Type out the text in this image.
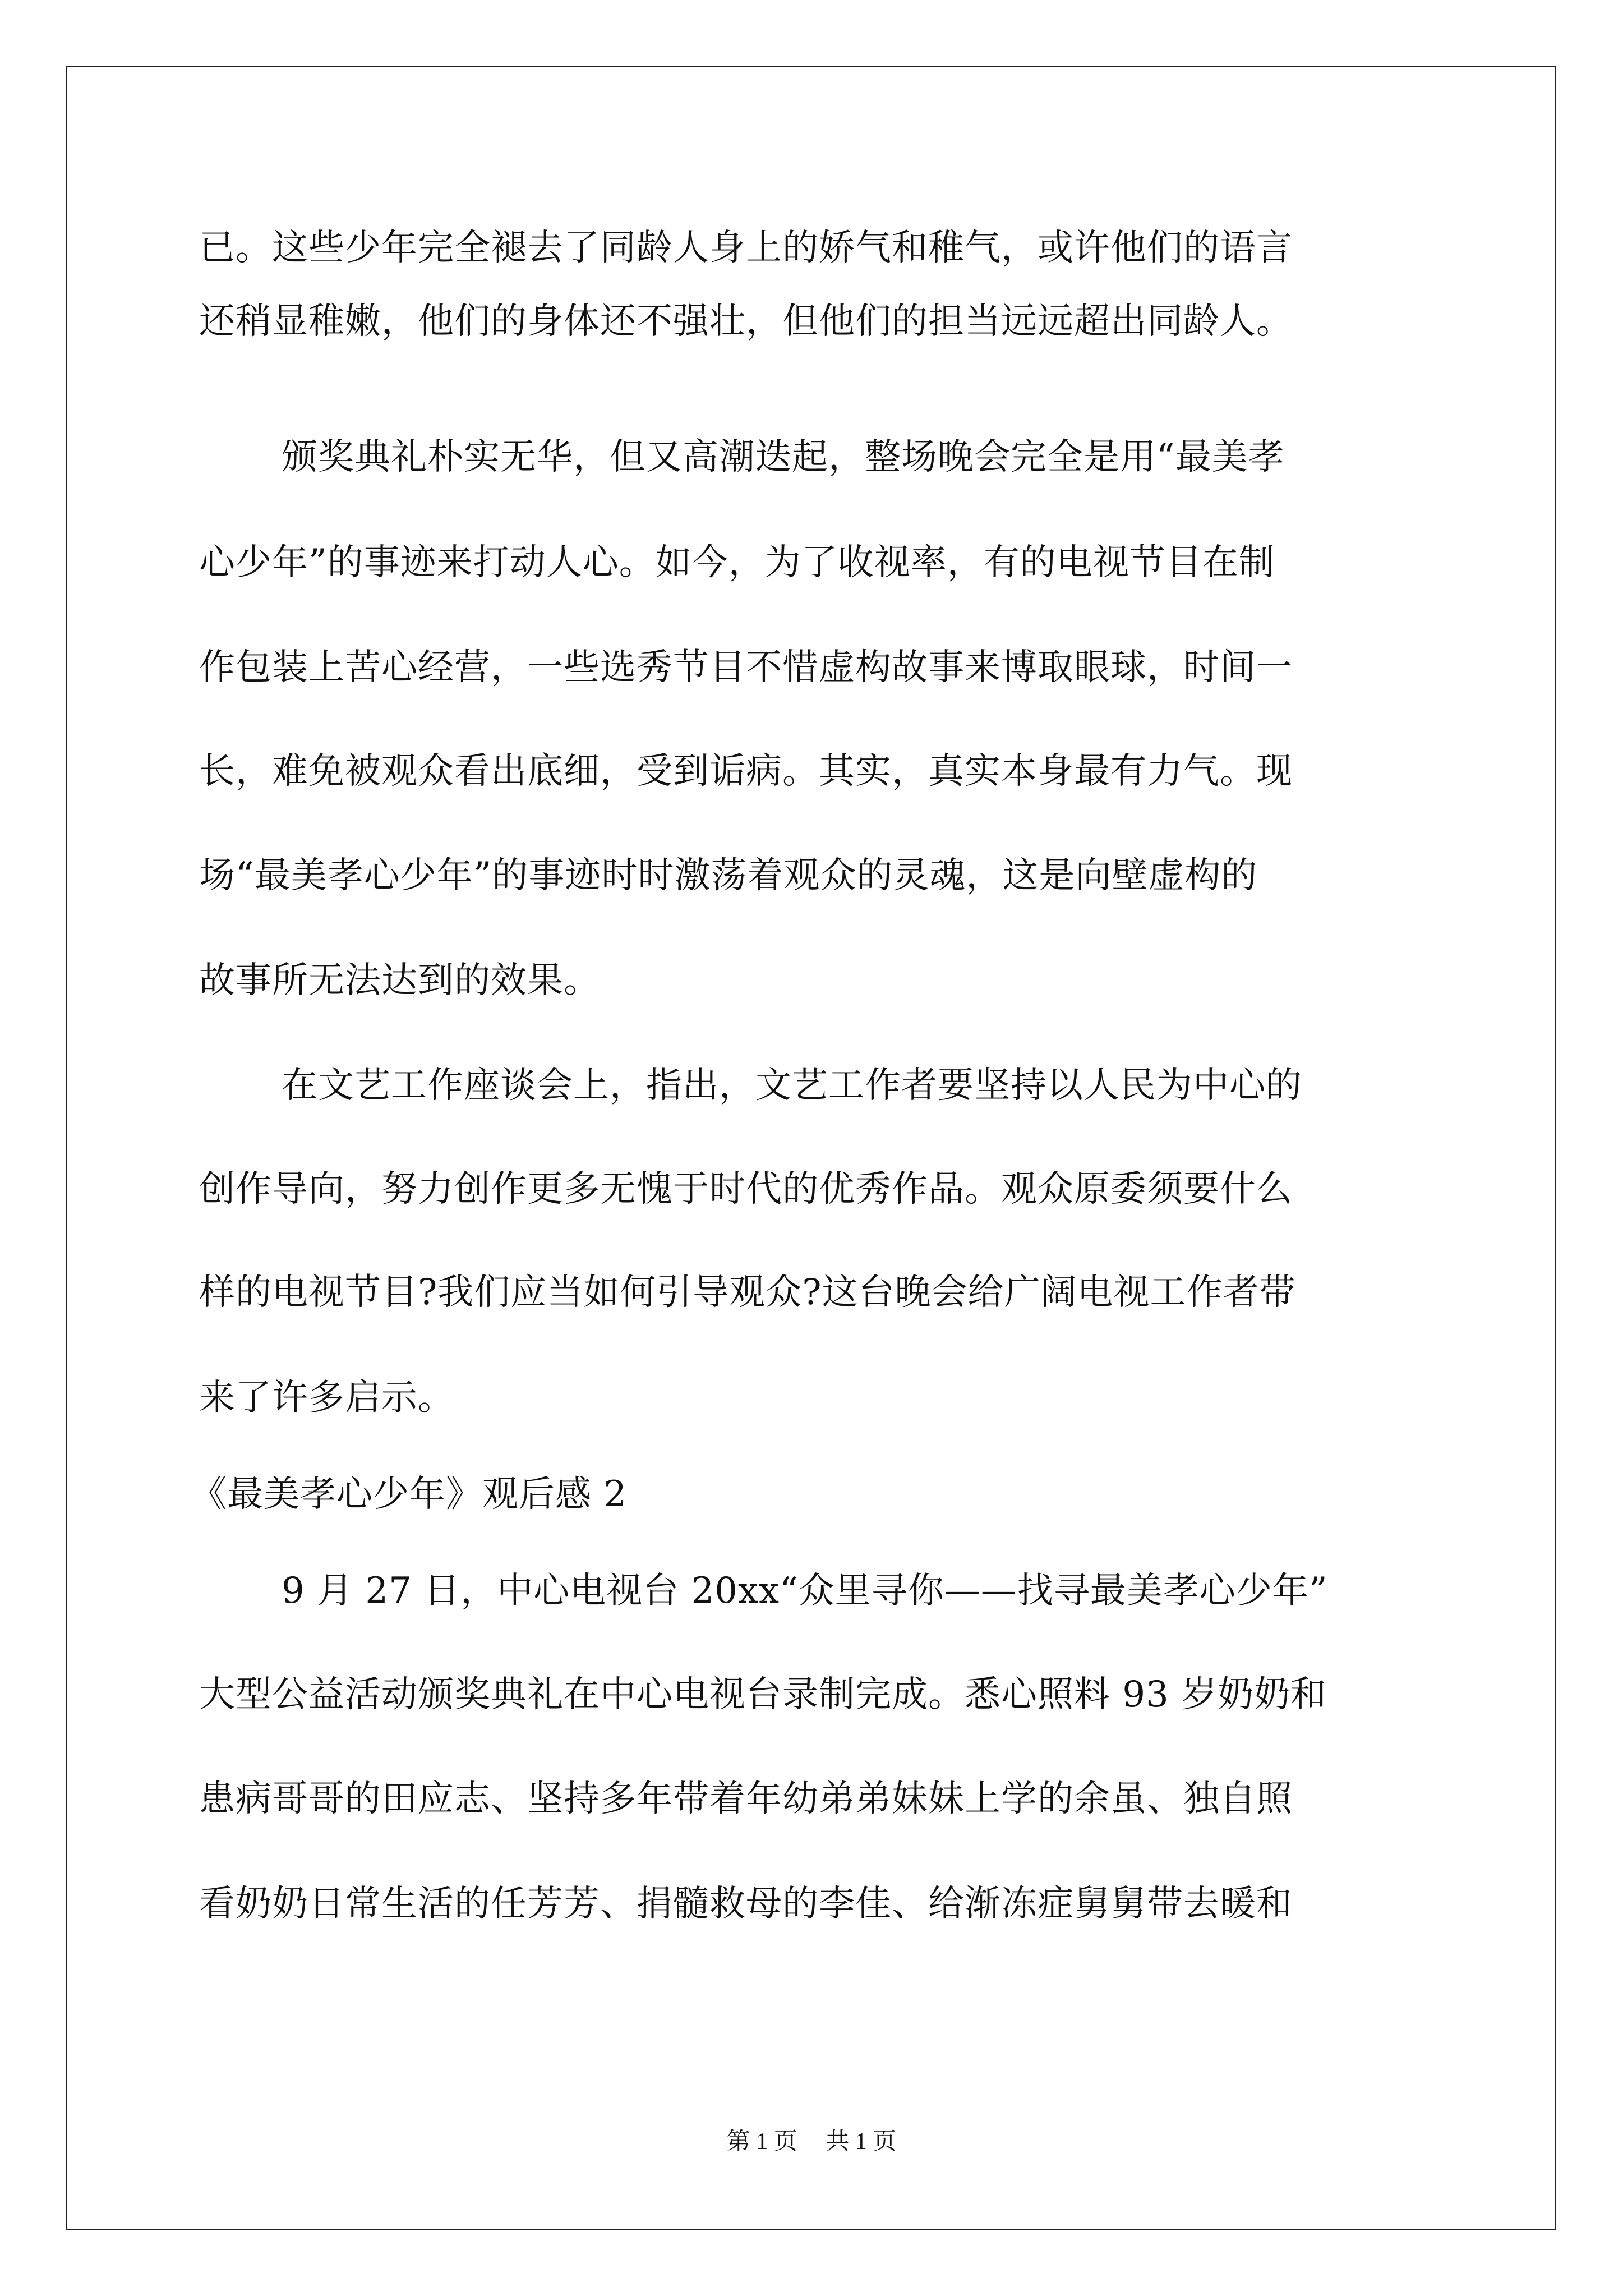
已。这些少年完全褪去了同龄人身上的娇气和稚气，或许他们的语言
还稍显稚嫩，他们的身体还不强壮，但他们的担当远远超出同龄人。
颁奖典礼朴实无华，但又高潮迭起，整场晚会完全是用“最美孝
心少年”的事迹来打动人心。如今，为了收视率，有的电视节目在制
作包装上苦心经营，一些选秀节目不惜虚构故事来博取眼球，时间一
长，难免被观众看出底细，受到诟病。其实，真实本身最有力气。现
场“最美孝心少年”的事迹时时激荡着观众的灵魂，这是向壁虚构的
故事所无法达到的效果。
在文艺工作座谈会上，指出，文艺工作者要坚持以人民为中心的
创作导向，努力创作更多无愧于时代的优秀作品。观众原委须要什么
样的电视节目?我们应当如何引导观众?这台晚会给广阔电视工作者带
来了许多启示。
《最美孝心少年》观后感 2
9 月 27 日，中心电视台 20xx“众里寻你——找寻最美孝心少年”
大型公益活动颁奖典礼在中心电视台录制完成。悉心照料 93 岁奶奶和
患病哥哥的田应志、坚持多年带着年幼弟弟妹妹上学的余虽、独自照
看奶奶日常生活的任芳芳、捐髓救母的李佳、给渐冻症舅舅带去暖和
第 1 页 共 1 页
